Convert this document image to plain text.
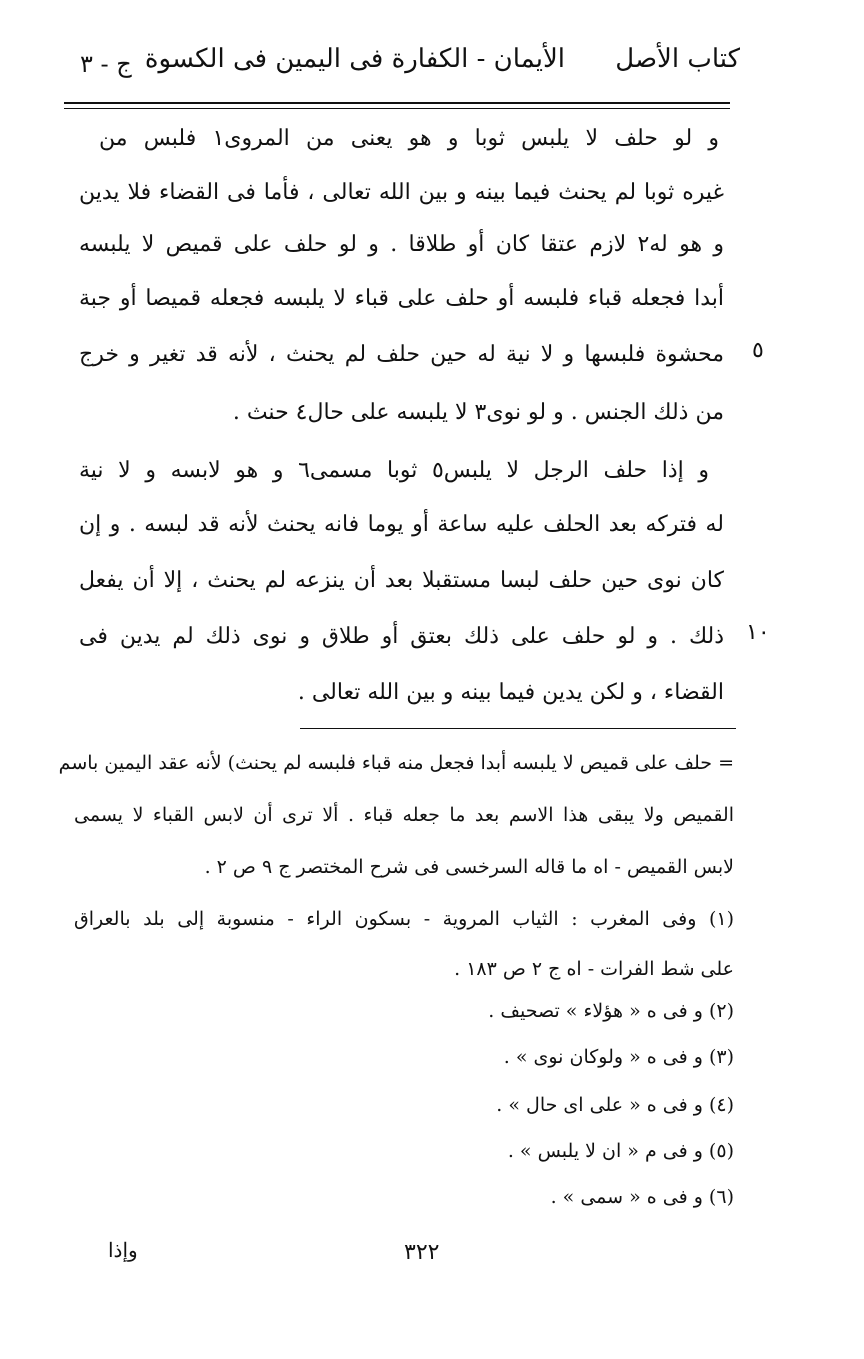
كتاب الأصل
الأيمان - الكفارة فى اليمين فى الكسوة
ج - ٣
و لو حلف لا يلبس ثوبا و هو يعنى من المروى١ فلبس من
غيره ثوبا لم يحنث فيما بينه و بين الله تعالى ، فأما فى القضاء فلا يدين
و هو له٢ لازم عتقا كان أو طلاقا . و لو حلف على قميص لا يلبسه
أبدا فجعله قباء فلبسه أو حلف على قباء لا يلبسه فجعله قميصا أو جبة
محشوة فلبسها و لا نية له حين حلف لم يحنث ، لأنه قد تغير و خرج
من ذلك الجنس . و لو نوى٣ لا يلبسه على حال٤ حنث .
و إذا حلف الرجل لا يلبس٥ ثوبا مسمى٦ و هو لابسه و لا نية
له فتركه بعد الحلف عليه ساعة أو يوما فانه يحنث لأنه قد لبسه . و إن
كان نوى حين حلف لبسا مستقبلا بعد أن ينزعه لم يحنث ، إلا أن يفعل
ذلك . و لو حلف على ذلك بعتق أو طلاق و نوى ذلك لم يدين فى
القضاء ، و لكن يدين فيما بينه و بين الله تعالى .
٥
١٠
= حلف على قميص لا يلبسه أبدا فجعل منه قباء فلبسه لم يحنث) لأنه عقد اليمين باسم
القميص ولا يبقى هذا الاسم بعد ما جعله قباء . ألا ترى أن لابس القباء لا يسمى
لابس القميص - اه ما قاله السرخسى فى شرح المختصر ج ٩ ص ٢ .
(١) وفى المغرب : الثياب المروية - بسكون الراء - منسوبة إلى بلد بالعراق
على شط الفرات - اه ج ٢ ص ١٨٣ .
(٢) و فى ه « هؤلاء » تصحيف .
(٣) و فى ه « ولوكان نوى » .
(٤) و فى ه « على اى حال » .
(٥) و فى م « ان لا يلبس » .
(٦) و فى ه « سمى » .
٣٢٢
وإذا
